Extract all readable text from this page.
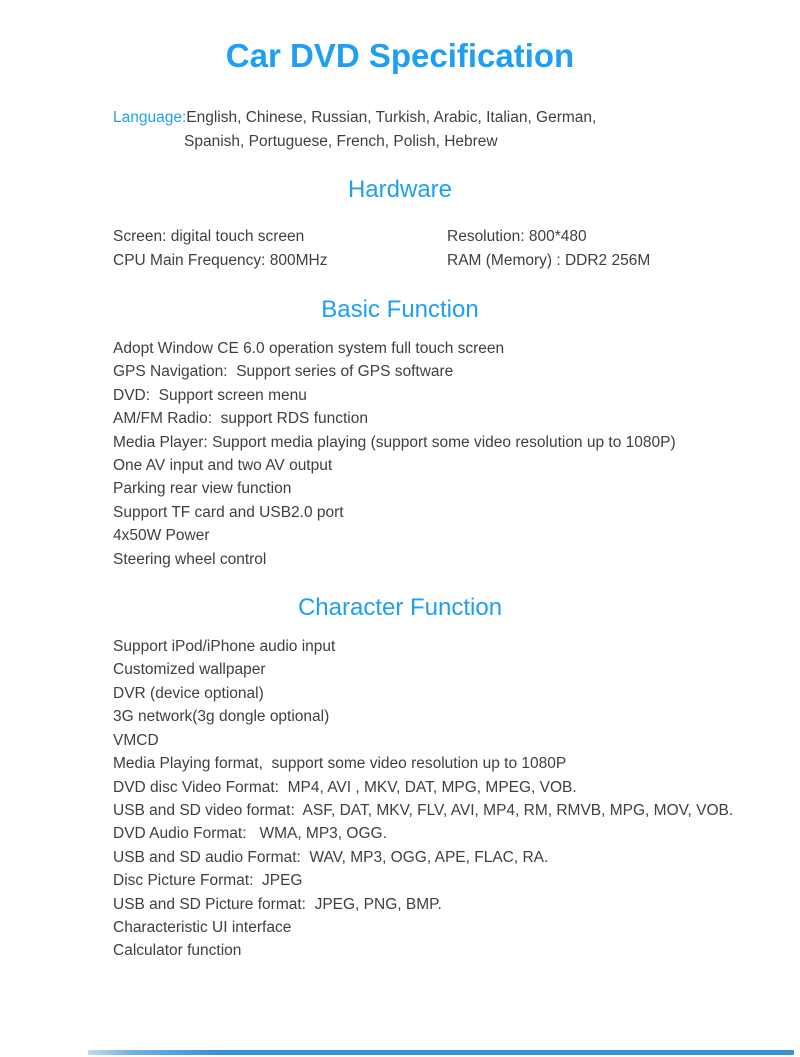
Car DVD Specification
Language:English, Chinese, Russian, Turkish, Arabic, Italian, German,
Spanish, Portuguese, French, Polish, Hebrew
Hardware
Screen: digital touch screen	Resolution: 800*480
CPU Main Frequency: 800MHz	RAM (Memory) : DDR2 256M
Basic Function
Adopt Window CE 6.0 operation system full touch screen
GPS Navigation:  Support series of GPS software
DVD:  Support screen menu
AM/FM Radio:  support RDS function
Media Player: Support media playing (support some video resolution up to 1080P)
One AV input and two AV output
Parking rear view function
Support TF card and USB2.0 port
4x50W Power
Steering wheel control
Character Function
Support iPod/iPhone audio input
Customized wallpaper
DVR (device optional)
3G network(3g dongle optional)
VMCD
Media Playing format,  support some video resolution up to 1080P
DVD disc Video Format:  MP4, AVI , MKV, DAT, MPG, MPEG, VOB.
USB and SD video format:  ASF, DAT, MKV, FLV, AVI, MP4, RM, RMVB, MPG, MOV, VOB.
DVD Audio Format:   WMA, MP3, OGG.
USB and SD audio Format:  WAV, MP3, OGG, APE, FLAC, RA.
Disc Picture Format:  JPEG
USB and SD Picture format:  JPEG, PNG, BMP.
Characteristic UI interface
Calculator function
